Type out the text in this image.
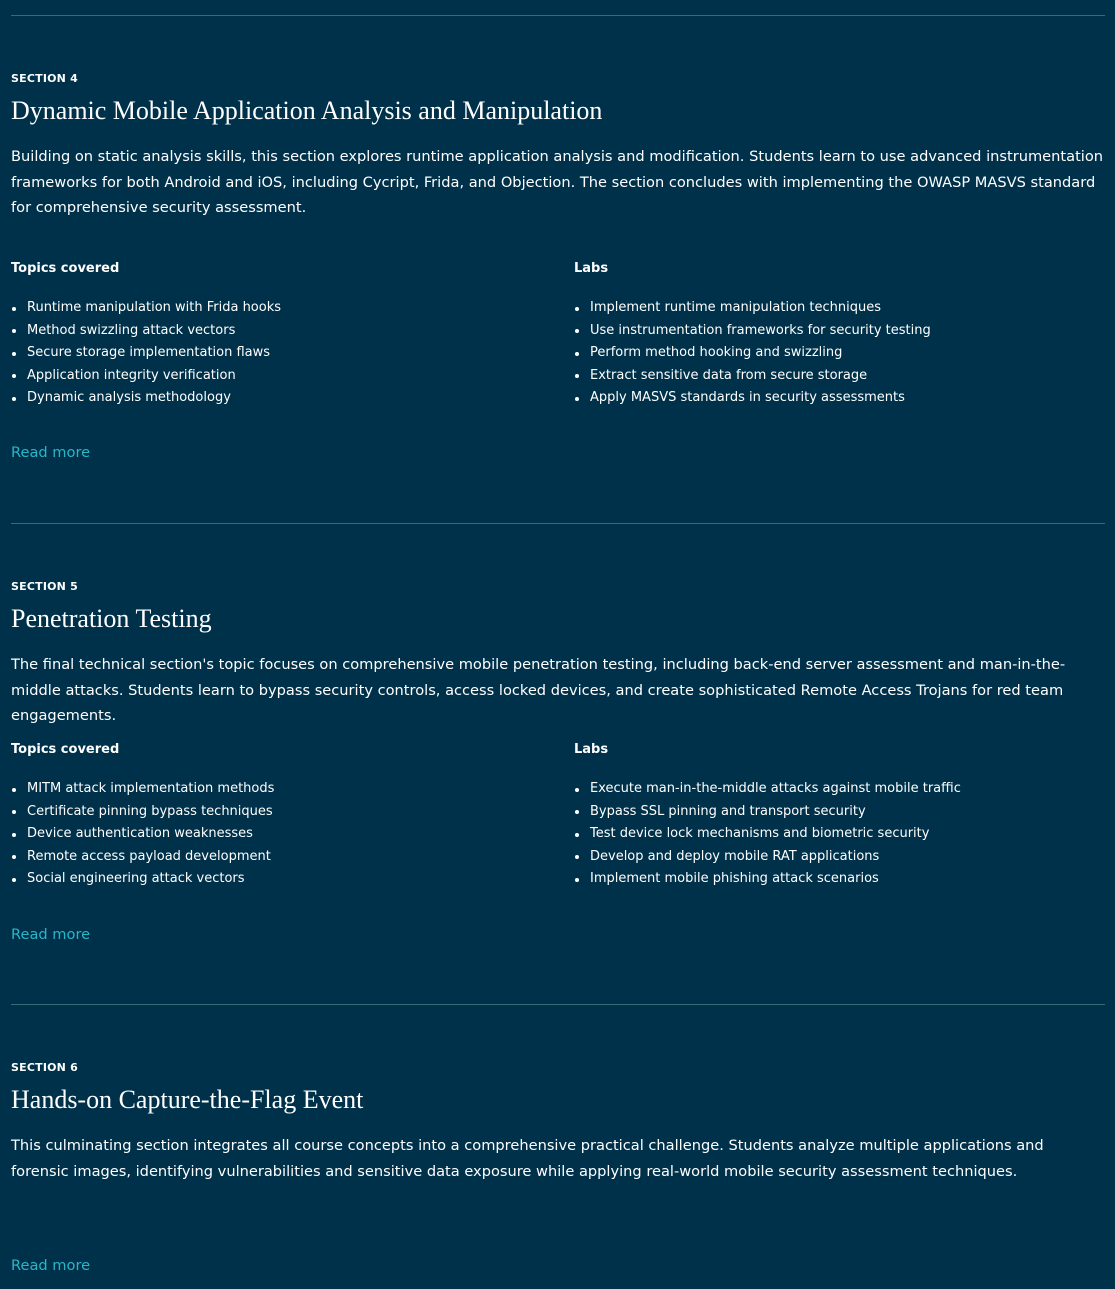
SECTION 4
Dynamic Mobile Application Analysis and Manipulation

Building on static analysis skills, this section explores runtime application analysis and modification. Students learn to use advanced instrumentation frameworks for both Android and iOS, including Cycript, Frida, and Objection. The section concludes with implementing the OWASP MASVS standard for comprehensive security assessment.

Topics covered
Runtime manipulation with Frida hooks
Method swizzling attack vectors
Secure storage implementation flaws
Application integrity verification
Dynamic analysis methodology
Labs
Implement runtime manipulation techniques
Use instrumentation frameworks for security testing
Perform method hooking and swizzling
Extract sensitive data from secure storage
Apply MASVS standards in security assessments
Read more
SECTION 5
Penetration Testing

The final technical section's topic focuses on comprehensive mobile penetration testing, including back-end server assessment and man-in-the-middle attacks. Students learn to bypass security controls, access locked devices, and create sophisticated Remote Access Trojans for red team engagements.

Topics covered
MITM attack implementation methods
Certificate pinning bypass techniques
Device authentication weaknesses
Remote access payload development
Social engineering attack vectors
Labs
Execute man-in-the-middle attacks against mobile traffic
Bypass SSL pinning and transport security
Test device lock mechanisms and biometric security
Develop and deploy mobile RAT applications
Implement mobile phishing attack scenarios
Read more
SECTION 6
Hands-on Capture-the-Flag Event

This culminating section integrates all course concepts into a comprehensive practical challenge. Students analyze multiple applications and forensic images, identifying vulnerabilities and sensitive data exposure while applying real-world mobile security assessment techniques.

Read more
